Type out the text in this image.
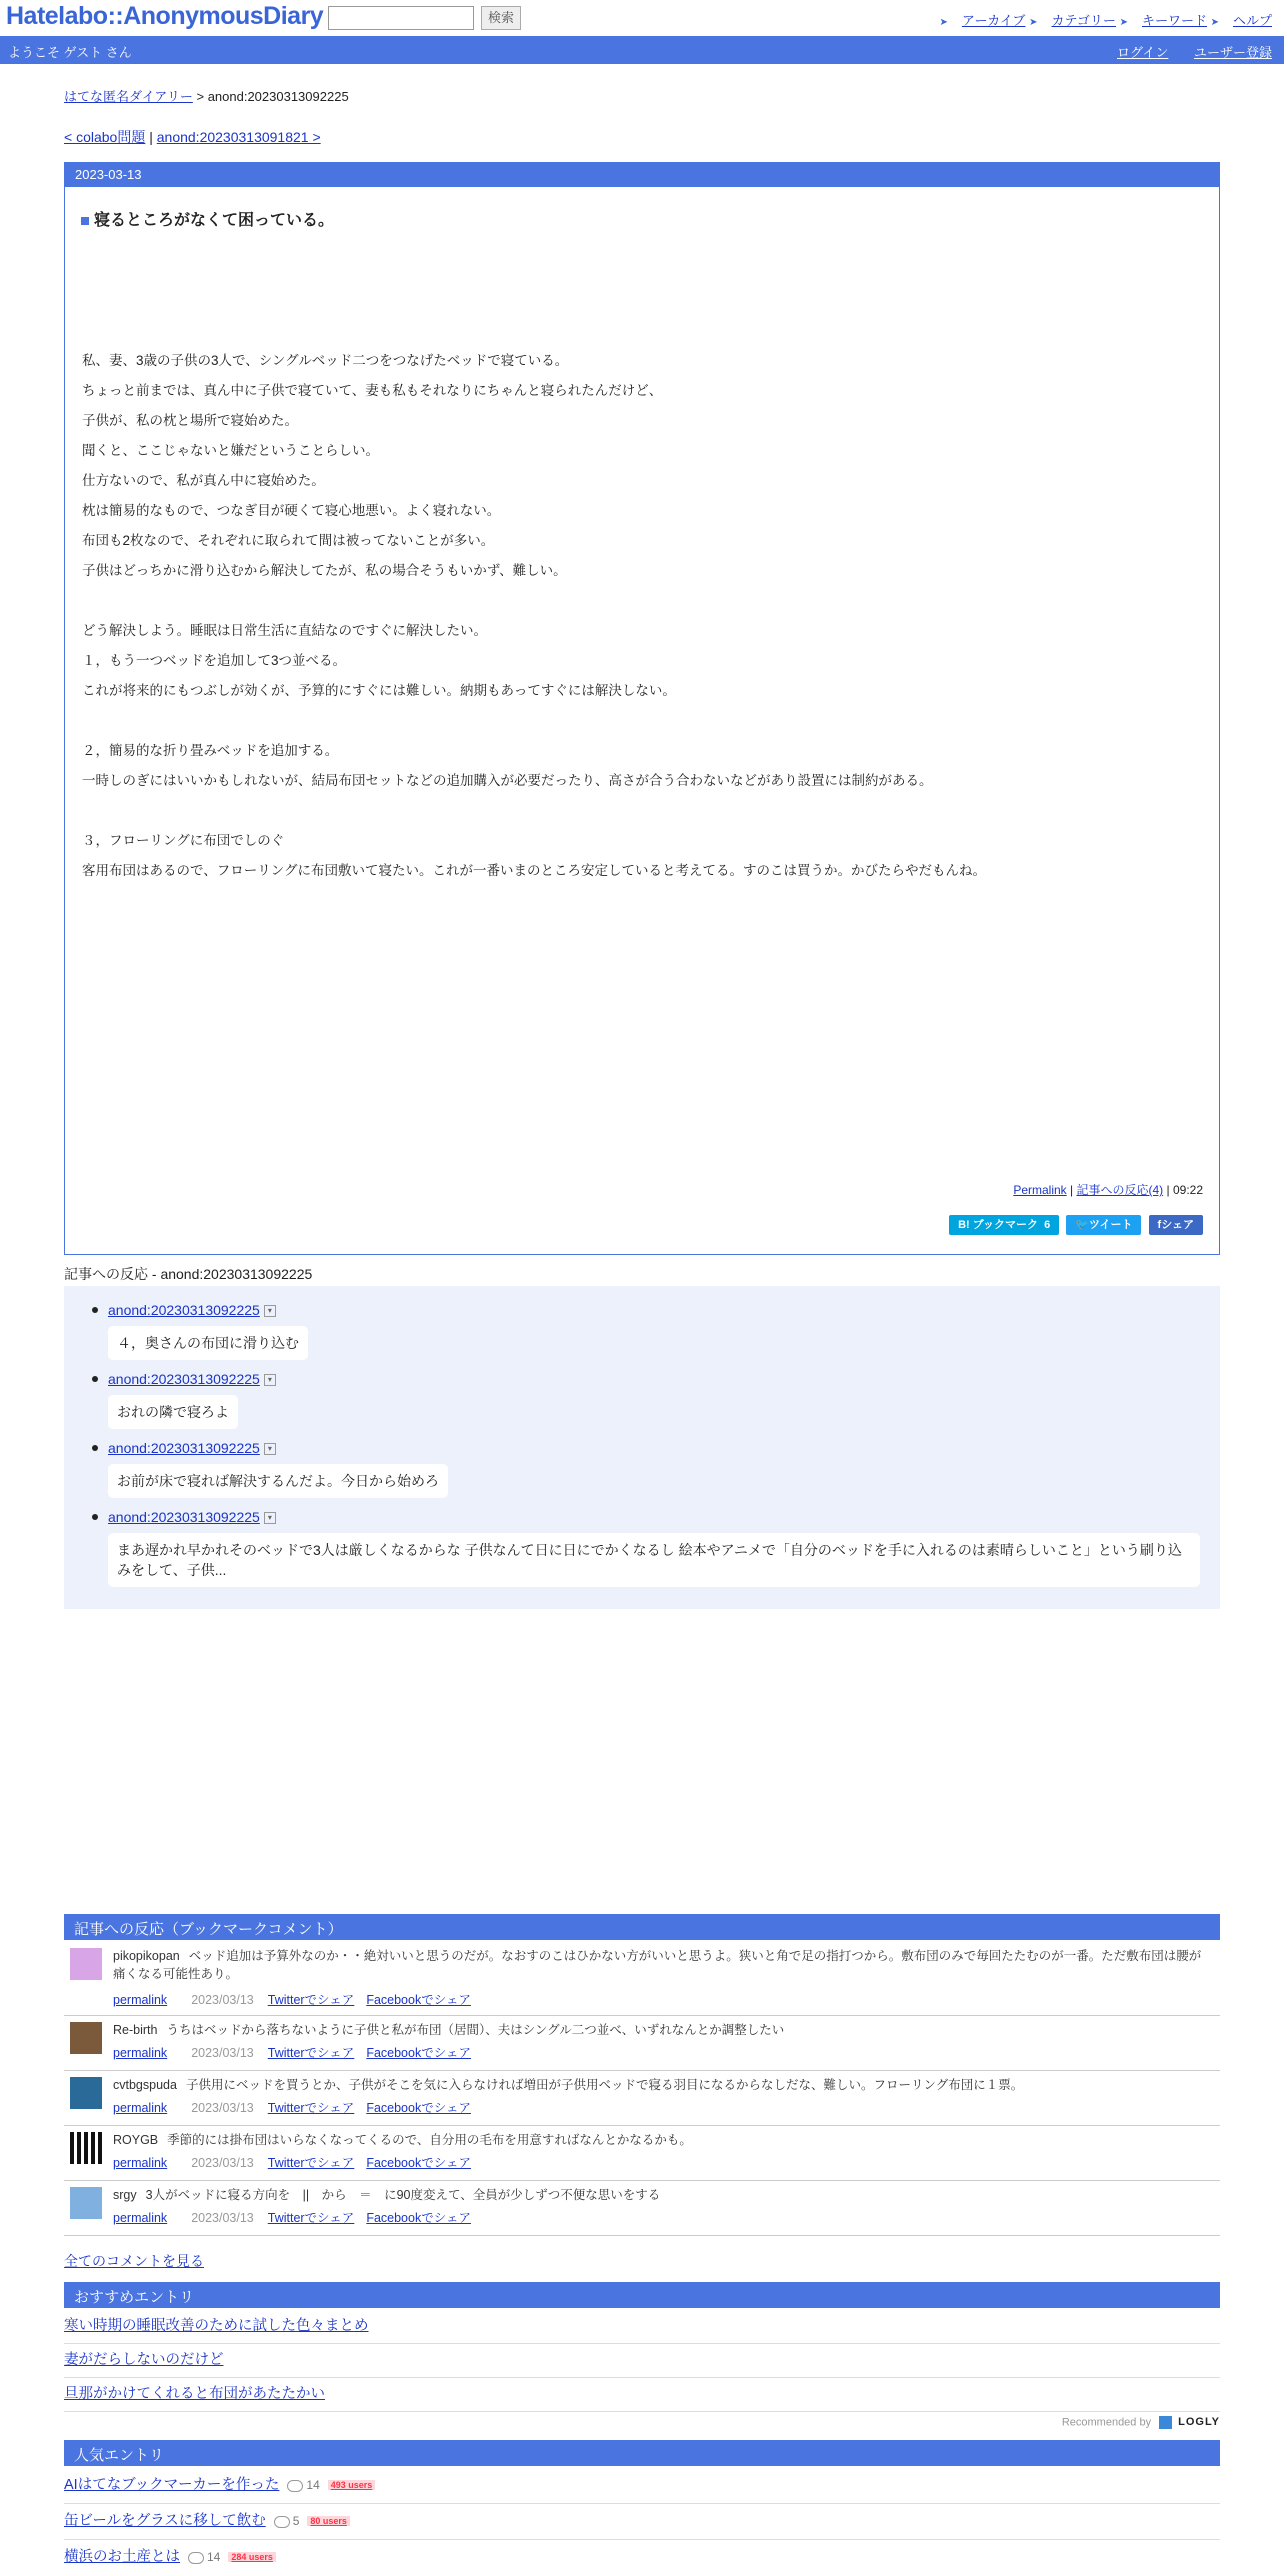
Hatelabo::AnonymousDiary	検索	➤ アーカイブ ➤ カテゴリー ➤ キーワード ➤ ヘルプ
ようこそ ゲスト さん	ログイン ユーザー登録
はてな匿名ダイアリー > anond:20230313092225
< colabo問題 | anond:20230313091821 >
2023-03-13
寝るところがなくて困っている。

私、妻、3歳の子供の3人で、シングルベッド二つをつなげたベッドで寝ている。

ちょっと前までは、真ん中に子供で寝ていて、妻も私もそれなりにちゃんと寝られたんだけど、

子供が、私の枕と場所で寝始めた。

聞くと、ここじゃないと嫌だということらしい。

仕方ないので、私が真ん中に寝始めた。

枕は簡易的なもので、つなぎ目が硬くて寝心地悪い。よく寝れない。

布団も2枚なので、それぞれに取られて間は被ってないことが多い。

子供はどっちかに滑り込むから解決してたが、私の場合そうもいかず、難しい。

どう解決しよう。睡眠は日常生活に直結なのですぐに解決したい。

１，もう一つベッドを追加して3つ並べる。

これが将来的にもつぶしが効くが、予算的にすぐには難しい。納期もあってすぐには解決しない。

２，簡易的な折り畳みベッドを追加する。

一時しのぎにはいいかもしれないが、結局布団セットなどの追加購入が必要だったり、高さが合う合わないなどがあり設置には制約がある。

３，フローリングに布団でしのぐ

客用布団はあるので、フローリングに布団敷いて寝たい。これが一番いまのところ安定していると考えてる。すのこは買うか。かびたらやだもんね。

Permalink | 記事への反応(4) | 09:22
B! ブックマーク 6 🐦ツイート fシェア
記事への反応 - anond:20230313092225
anond:20230313092225 ▾
４，奥さんの布団に滑り込む
anond:20230313092225 ▾
おれの隣で寝ろよ
anond:20230313092225 ▾
お前が床で寝れば解決するんだよ。今日から始めろ
anond:20230313092225 ▾
まあ遅かれ早かれそのベッドで3人は厳しくなるからな 子供なんて日に日にでかくなるし 絵本やアニメで「自分のベッドを手に入れるのは素晴らしいこと」という刷り込みをして、子供...
記事への反応（ブックマークコメント）
pikopikopan ベッド追加は予算外なのか・・絶対いいと思うのだが。なおすのこはひかない方がいいと思うよ。狭いと角で足の指打つから。敷布団のみで毎回たたむのが一番。ただ敷布団は腰が痛くなる可能性あり。
permalink 2023/03/13 Twitterでシェア Facebookでシェア
Re-birth うちはベッドから落ちないように子供と私が布団（居間）、夫はシングル二つ並べ、いずれなんとか調整したい
permalink 2023/03/13 Twitterでシェア Facebookでシェア
cvtbgspuda 子供用にベッドを買うとか、子供がそこを気に入らなければ増田が子供用ベッドで寝る羽目になるからなしだな、難しい。フローリング布団に１票。
permalink 2023/03/13 Twitterでシェア Facebookでシェア
ROYGB 季節的には掛布団はいらなくなってくるので、自分用の毛布を用意すればなんとかなるかも。
permalink 2023/03/13 Twitterでシェア Facebookでシェア
srgy 3人がベッドに寝る方向を　||　から　＝　に90度変えて、全員が少しずつ不便な思いをする
permalink 2023/03/13 Twitterでシェア Facebookでシェア
全てのコメントを見る
おすすめエントリ
寒い時期の睡眠改善のために試した色々まとめ
妻がだらしないのだけど
旦那がかけてくれると布団があたたかい
Recommended by LOGLY
人気エントリ
AIはてなブックマーカーを作った 14 493 users
缶ビールをグラスに移して飲む 5 80 users
横浜のお土産とは 14 284 users
